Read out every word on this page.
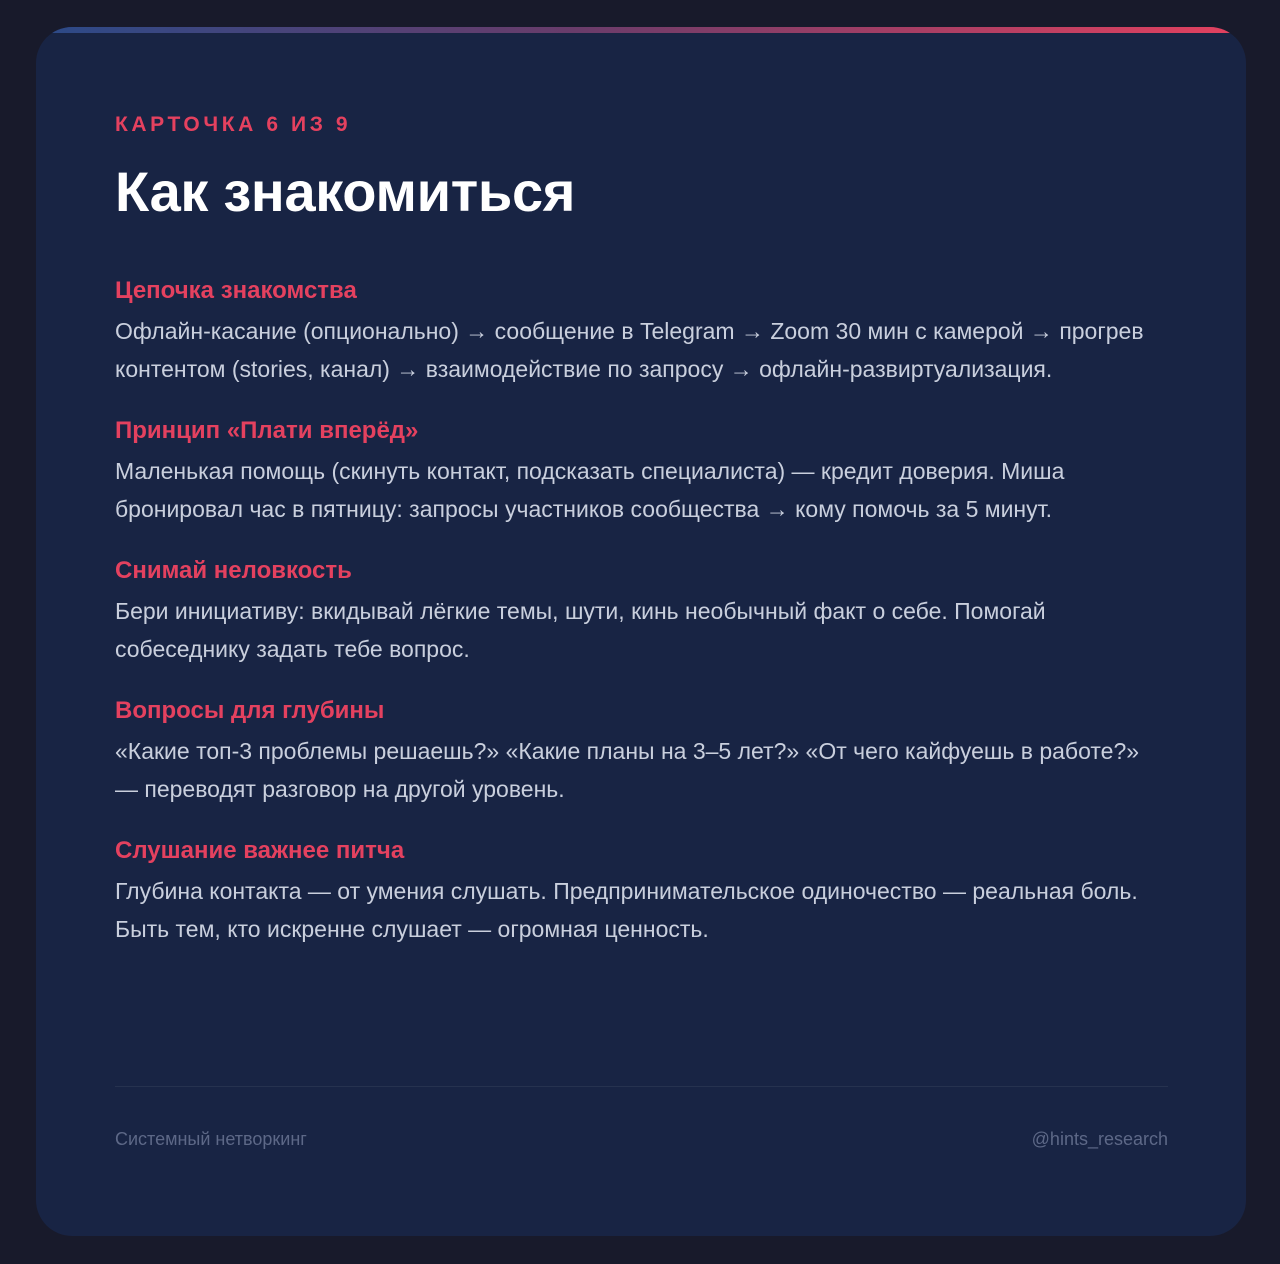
КАРТОЧКА 6 ИЗ 9
Как знакомиться
Цепочка знакомства

Офлайн-касание (опционально) → сообщение в Telegram → Zoom 30 мин с камерой → прогрев контентом (stories, канал) → взаимодействие по запросу → офлайн-развиртуализация.

Принцип «Плати вперёд»

Маленькая помощь (скинуть контакт, подсказать специалиста) — кредит доверия. Миша бронировал час в пятницу: запросы участников сообщества → кому помочь за 5 минут.

Снимай неловкость

Бери инициативу: вкидывай лёгкие темы, шути, кинь необычный факт о себе. Помогай собеседнику задать тебе вопрос.

Вопросы для глубины

«Какие топ-3 проблемы решаешь?» «Какие планы на 3–5 лет?» «От чего кайфуешь в работе?» — переводят разговор на другой уровень.

Слушание важнее питча

Глубина контакта — от умения слушать. Предпринимательское одиночество — реальная боль. Быть тем, кто искренне слушает — огромная ценность.

Системный нетворкинг	@hints_research
